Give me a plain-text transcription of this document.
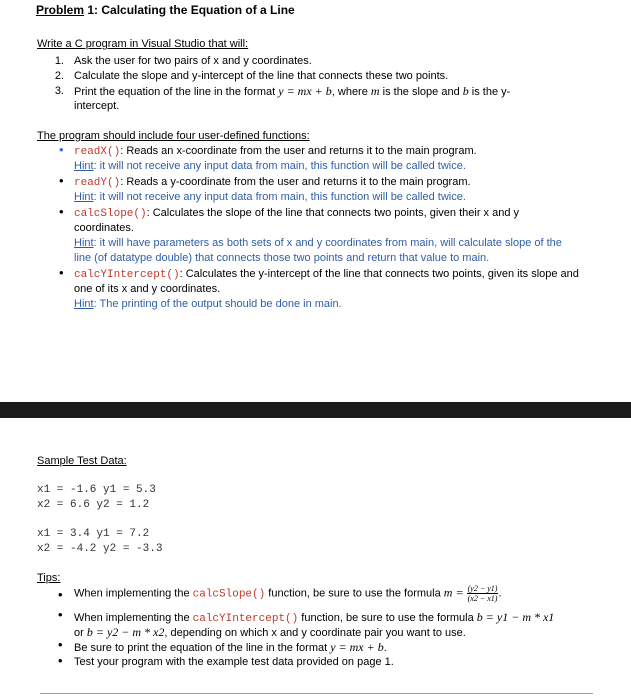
Problem 1: Calculating the Equation of a Line
Write a C program in Visual Studio that will:
1. Ask the user for two pairs of x and y coordinates.
2. Calculate the slope and y-intercept of the line that connects these two points.
3. Print the equation of the line in the format y = mx + b, where m is the slope and b is the y-
intercept.
The program should include four user-defined functions:
• readX(): Reads an x-coordinate from the user and returns it to the main program.
Hint: it will not receive any input data from main, this function will be called twice.
• readY(): Reads a y-coordinate from the user and returns it to the main program.
Hint: it will not receive any input data from main, this function will be called twice.
• calcSlope(): Calculates the slope of the line that connects two points, given their x and y
coordinates.
Hint: it will have parameters as both sets of x and y coordinates from main, will calculate slope of the
line (of datatype double) that connects those two points and return that value to main.
• calcYIntercept(): Calculates the y-intercept of the line that connects two points, given its slope and
one of its x and y coordinates.
Hint: The printing of the output should be done in main.
Sample Test Data:
x1 = -1.6 y1 = 5.3
x2 = 6.6 y2 = 1.2
x1 = 3.4 y1 = 7.2
x2 = -4.2 y2 = -3.3
Tips:
• When implementing the calcSlope() function, be sure to use the formula $m = \frac{(y2 - y1)}{(x2 - x1)}$ .
• When implementing the calcYIntercept() function, be sure to use the formula b = y1 − m * x1
or b = y2 − m * x2, depending on which x and y coordinate pair you want to use.
• Be sure to print the equation of the line in the format y = mx + b.
• Test your program with the example test data provided on page 1.
